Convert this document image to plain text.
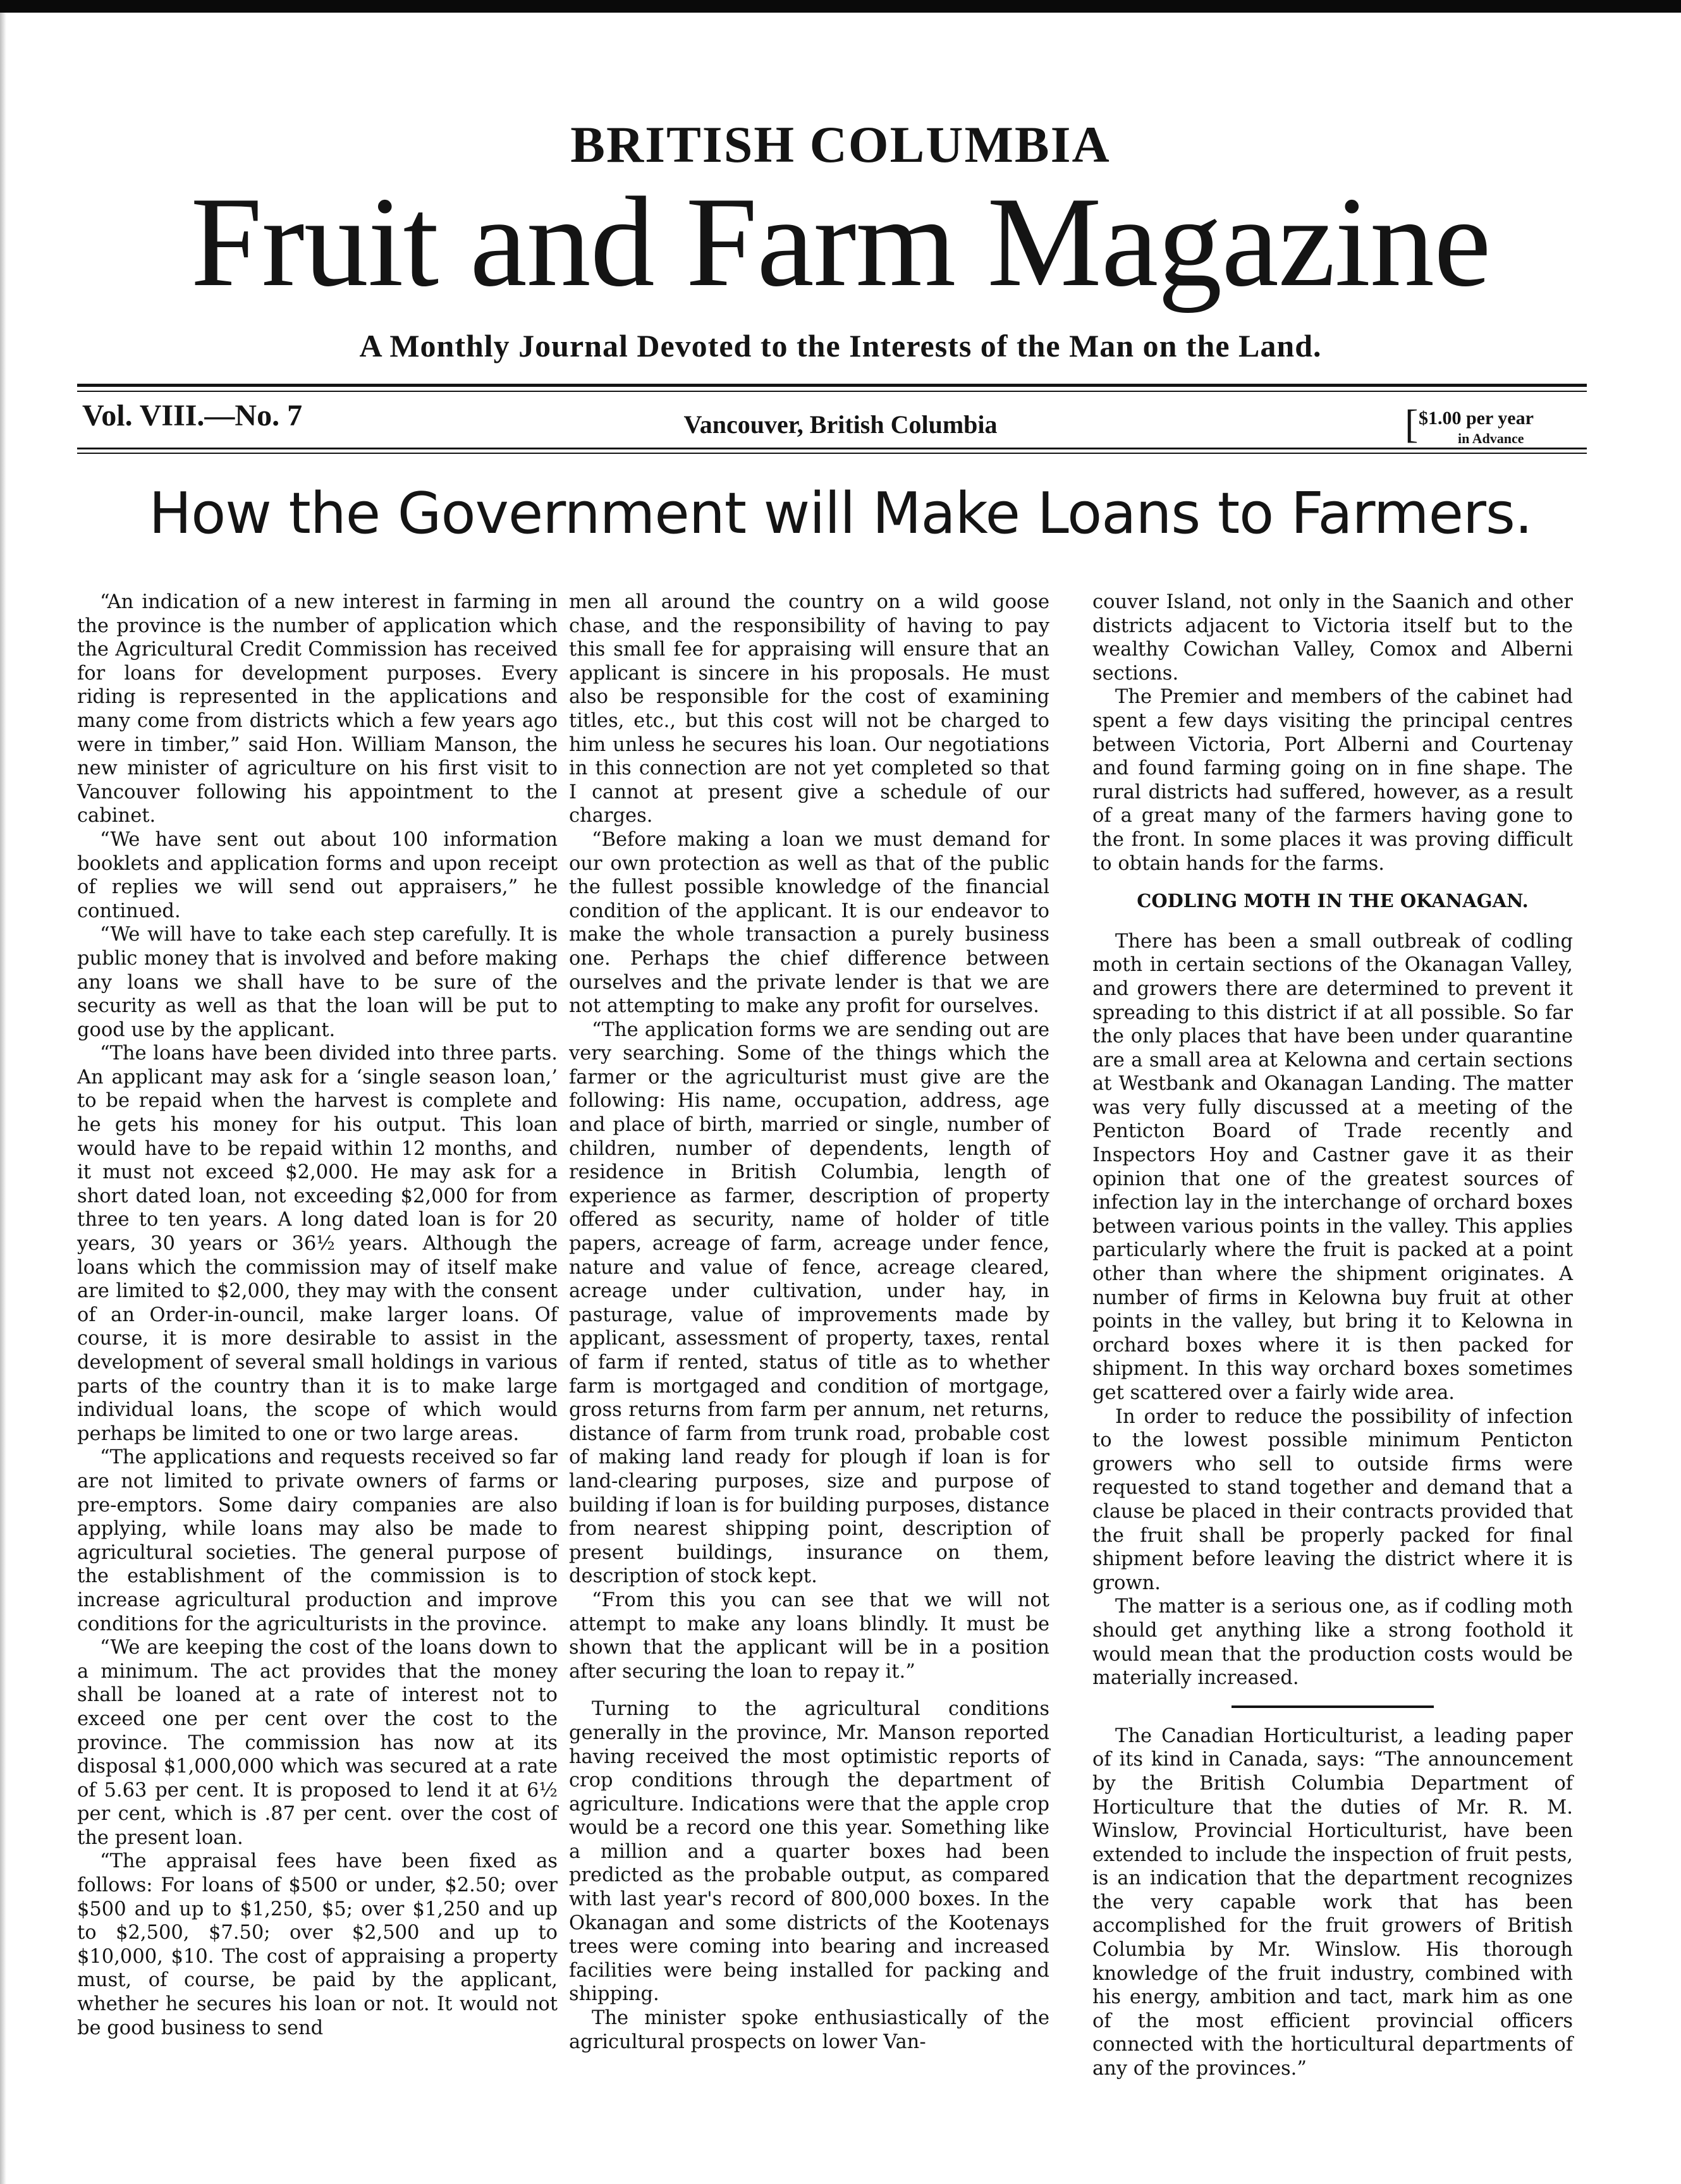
BRITISH COLUMBIA
Fruit and Farm Magazine
A Monthly Journal Devoted to the Interests of the Man on the Land.
Vol. VIII.—No. 7	Vancouver, British Columbia	[ $1.00 per year
in Advance
How the Government will Make Loans to Farmers.

“An indication of a new interest in farming in the province is the number of application which the Agricultural Credit Commission has received for loans for development purposes. Every riding is represented in the applications and many come from districts which a few years ago were in timber,” said Hon. William Manson, the new minister of agriculture on his first visit to Vancouver following his appointment to the cabinet.

“We have sent out about 100 information booklets and application forms and upon receipt of replies we will send out appraisers,” he continued.

“We will have to take each step carefully. It is public money that is involved and before making any loans we shall have to be sure of the security as well as that the loan will be put to good use by the applicant.

“The loans have been divided into three parts. An applicant may ask for a ‘single season loan,’ to be repaid when the harvest is complete and he gets his money for his output. This loan would have to be repaid within 12 months, and it must not exceed $2,000. He may ask for a short dated loan, not exceeding $2,000 for from three to ten years. A long dated loan is for 20 years, 30 years or 36½ years. Although the loans which the commission may of itself make are limited to $2,000, they may with the consent of an Order-in-ouncil, make larger loans. Of course, it is more desirable to assist in the development of several small holdings in various parts of the country than it is to make large individual loans, the scope of which would perhaps be limited to one or two large areas.

“The applications and requests received so far are not limited to private owners of farms or pre-emptors. Some dairy companies are also applying, while loans may also be made to agricultural societies. The general purpose of the establishment of the commission is to increase agricultural production and improve conditions for the agriculturists in the province.

“We are keeping the cost of the loans down to a minimum. The act provides that the money shall be loaned at a rate of interest not to exceed one per cent over the cost to the province. The commission has now at its disposal $1,000,000 which was secured at a rate of 5.63 per cent. It is proposed to lend it at 6½ per cent, which is .87 per cent. over the cost of the present loan.

“The appraisal fees have been fixed as follows: For loans of $500 or under, $2.50; over $500 and up to $1,250, $5; over $1,250 and up to $2,500, $7.50; over $2,500 and up to $10,000, $10. The cost of appraising a property must, of course, be paid by the applicant, whether he secures his loan or not. It would not be good business to send

men all around the country on a wild goose chase, and the responsibility of having to pay this small fee for appraising will ensure that an applicant is sincere in his proposals. He must also be responsible for the cost of examining titles, etc., but this cost will not be charged to him unless he secures his loan. Our negotiations in this connection are not yet completed so that I cannot at present give a schedule of our charges.

“Before making a loan we must demand for our own protection as well as that of the public the fullest possible knowledge of the financial condition of the applicant. It is our endeavor to make the whole transaction a purely business one. Perhaps the chief difference between ourselves and the private lender is that we are not attempting to make any profit for ourselves.

“The application forms we are sending out are very searching. Some of the things which the farmer or the agriculturist must give are the following: His name, occupation, address, age and place of birth, married or single, number of children, number of dependents, length of residence in British Columbia, length of experience as farmer, description of property offered as security, name of holder of title papers, acreage of farm, acreage under fence, nature and value of fence, acreage cleared, acreage under cultivation, under hay, in pasturage, value of improvements made by applicant, assessment of property, taxes, rental of farm if rented, status of title as to whether farm is mortgaged and condition of mortgage, gross returns from farm per annum, net returns, distance of farm from trunk road, probable cost of making land ready for plough if loan is for land-clearing purposes, size and purpose of building if loan is for building purposes, distance from nearest shipping point, description of present buildings, insurance on them, description of stock kept.

“From this you can see that we will not attempt to make any loans blindly. It must be shown that the applicant will be in a position after securing the loan to repay it.”

Turning to the agricultural conditions generally in the province, Mr. Manson reported having received the most optimistic reports of crop conditions through the department of agriculture. Indications were that the apple crop would be a record one this year. Something like a million and a quarter boxes had been predicted as the probable output, as compared with last year's record of 800,000 boxes. In the Okanagan and some districts of the Kootenays trees were coming into bearing and increased facilities were being installed for packing and shipping.

The minister spoke enthusiastically of the agricultural prospects on lower Van-

couver Island, not only in the Saanich and other districts adjacent to Victoria itself but to the wealthy Cowichan Valley, Comox and Alberni sections.

The Premier and members of the cabinet had spent a few days visiting the principal centres between Victoria, Port Alberni and Courtenay and found farming going on in fine shape. The rural districts had suffered, however, as a result of a great many of the farmers having gone to the front. In some places it was proving difficult to obtain hands for the farms.

CODLING MOTH IN THE OKANAGAN.

There has been a small outbreak of codling moth in certain sections of the Okanagan Valley, and growers there are determined to prevent it spreading to this district if at all possible. So far the only places that have been under quarantine are a small area at Kelowna and certain sections at Westbank and Okanagan Landing. The matter was very fully discussed at a meeting of the Penticton Board of Trade recently and Inspectors Hoy and Castner gave it as their opinion that one of the greatest sources of infection lay in the interchange of orchard boxes between various points in the valley. This applies particularly where the fruit is packed at a point other than where the shipment originates. A number of firms in Kelowna buy fruit at other points in the valley, but bring it to Kelowna in orchard boxes where it is then packed for shipment. In this way orchard boxes sometimes get scattered over a fairly wide area.

In order to reduce the possibility of infection to the lowest possible minimum Penticton growers who sell to outside firms were requested to stand together and demand that a clause be placed in their contracts provided that the fruit shall be properly packed for final shipment before leaving the district where it is grown.

The matter is a serious one, as if codling moth should get anything like a strong foothold it would mean that the production costs would be materially increased.

The Canadian Horticulturist, a leading paper of its kind in Canada, says: “The announcement by the British Columbia Department of Horticulture that the duties of Mr. R. M. Winslow, Provincial Horticulturist, have been extended to include the inspection of fruit pests, is an indication that the department recognizes the very capable work that has been accomplished for the fruit growers of British Columbia by Mr. Winslow. His thorough knowledge of the fruit industry, combined with his energy, ambition and tact, mark him as one of the most efficient provincial officers connected with the horticultural departments of any of the provinces.”
